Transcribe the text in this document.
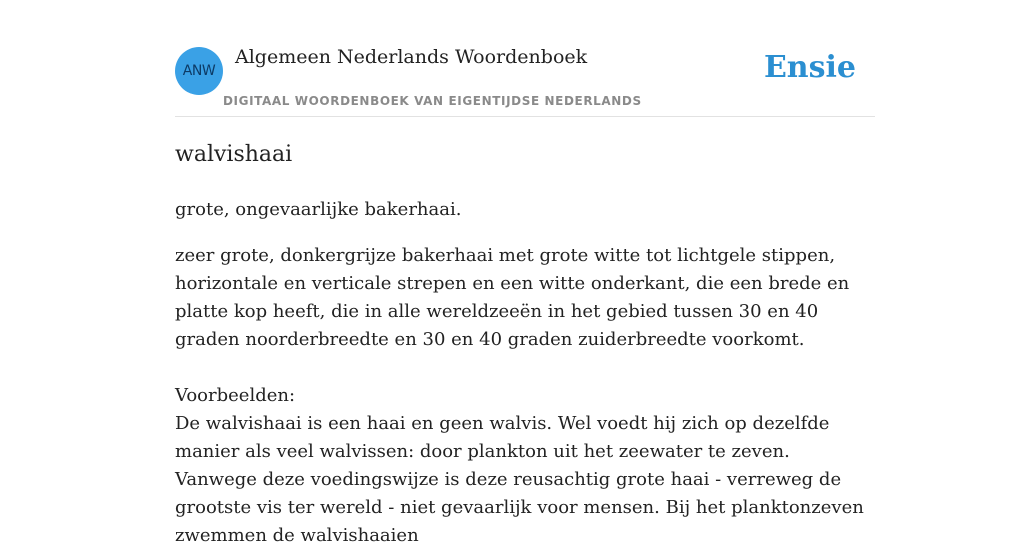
ANW
Algemeen Nederlands Woordenboek
DIGITAAL WOORDENBOEK VAN EIGENTIJDSE NEDERLANDS
Ensie
walvishaai

grote, ongevaarlijke bakerhaai.

zeer grote, donkergrijze bakerhaai met grote witte tot lichtgele stippen, horizontale en verticale strepen en een witte onderkant, die een brede en platte kop heeft, die in alle wereldzeeën in het gebied tussen 30 en 40 graden noorderbreedte en 30 en 40 graden zuiderbreedte voorkomt.

Voorbeelden:

De walvishaai is een haai en geen walvis. Wel voedt hij zich op dezelfde manier als veel walvissen: door plankton uit het zeewater te zeven. Vanwege deze voedingswijze is deze reusachtig grote haai - verreweg de grootste vis ter wereld - niet gevaarlijk voor mensen. Bij het planktonzeven zwemmen de walvishaaien
